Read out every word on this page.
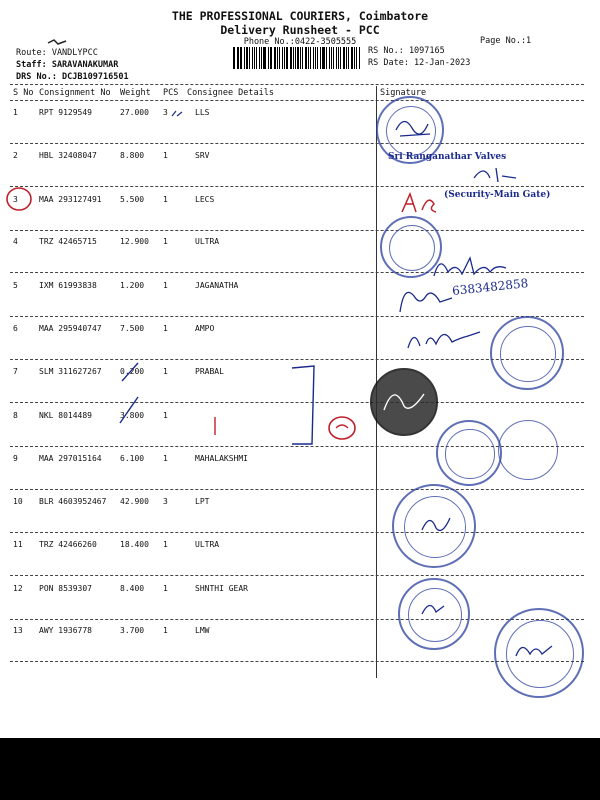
THE PROFESSIONAL COURIERS, Coimbatore
Delivery Runsheet - PCC
Phone No.:0422-3505555	Page No.:1
Route: VANDLYPCC
Staff: SARAVANAKUMAR
DRS No.: DCJB109716501
RS No.: 1097165
RS Date: 12-Jan-2023
S No Consignment No Weight PCS Consignee Details	Signature
1	RPT 9129549	27.000 3	LLS
2	HBL 32408047	8.800 1	SRV
3	MAA 293127491 5.500 1	LECS
4	TRZ 42465715	12.900 1	ULTRA
5	IXM 61993838	1.200 1	JAGANATHA
6	MAA 295940747 7.500 1	AMPO
7	SLM 311627267 0.200 1	PRABAL
8	NKL 8014489	3.800 1
9	MAA 297015164 6.100 1	MAHALAKSHMI
10 BLR 4603952467 42.900 3	LPT
11 TRZ 42466260	18.400 1	ULTRA
12 PON 8539307	8.400 1	SHNTHI GEAR
13 AWY 1936778	3.700 1	LMW
Sri Ranganathar Valves
(Security-Main Gate)
6383482858
